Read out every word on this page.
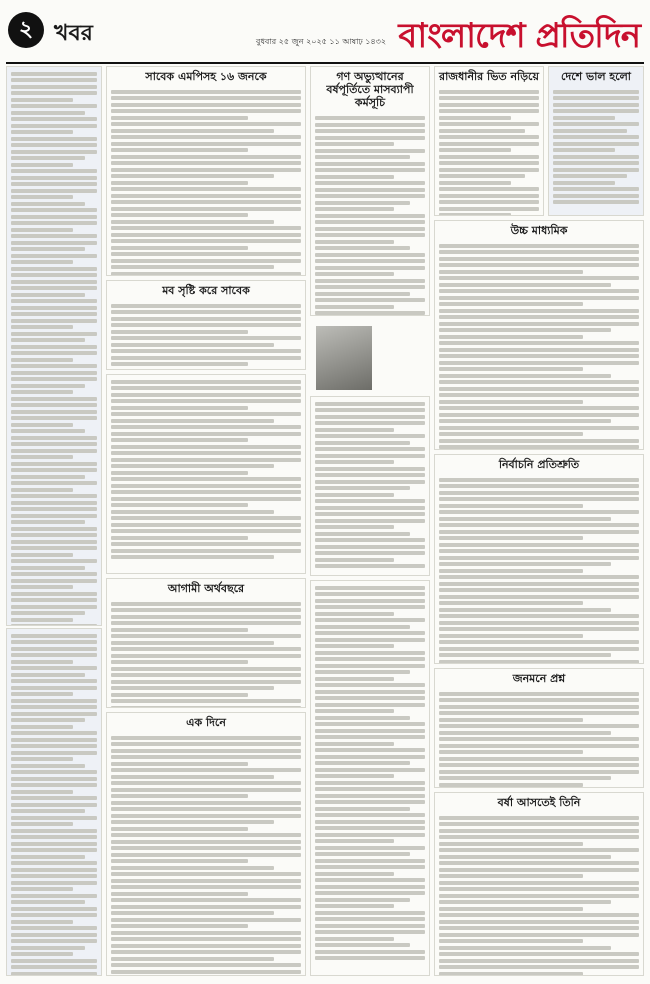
২ খবর	বুধবার ২৫ জুন ২০২৫ ১১ আষাঢ় ১৪৩২ বাংলাদেশ প্রতিদিন
সাবেক এমপিসহ ১৬ জনকে	গণ অভ্যুত্থানের বর্ষপূর্তিতে মাসব্যাপী কর্মসূচি
রাজধানীর ভিত নড়িয়ে	দেশে ভাল হলো
মব সৃষ্টি করে সাবেক
উচ্চ মাধ্যমিক
নির্বাচনি প্রতিশ্রুতি
আগামী অর্থবছরে
এক দিনে
জনমনে প্রশ্ন
বর্ষা আসতেই তিনি
